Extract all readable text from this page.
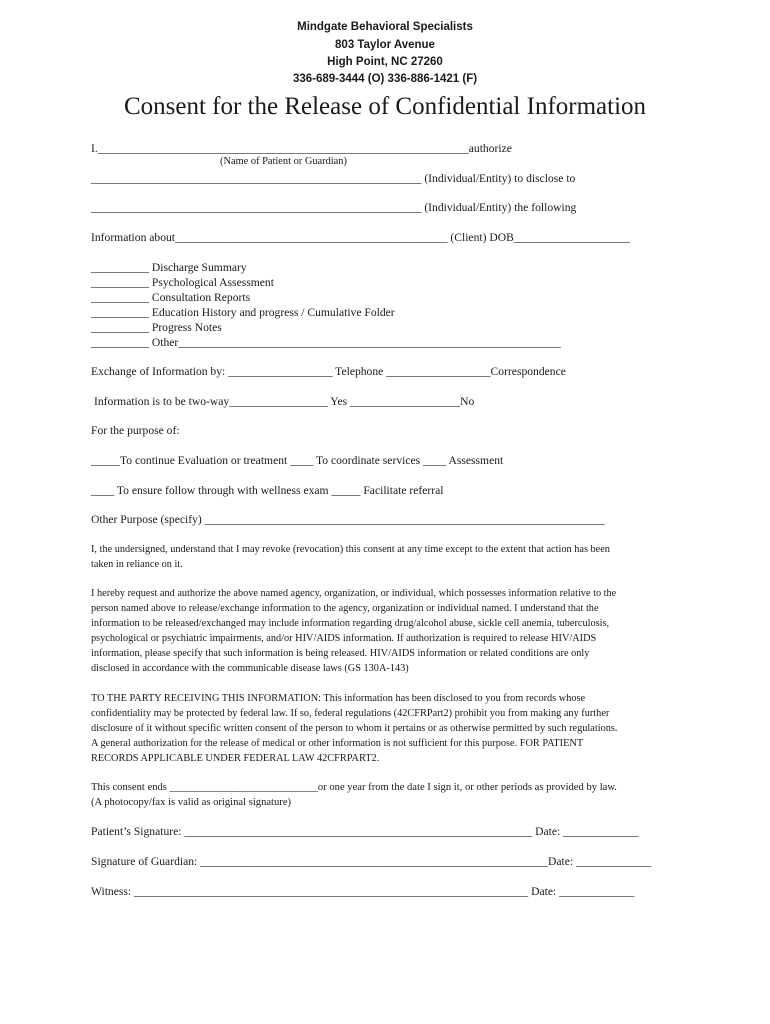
Mindgate Behavioral Specialists
803 Taylor Avenue
High Point, NC 27260
336-689-3444 (O) 336-886-1421 (F)
Consent for the Release of Confidential Information
I.________________________________________________________________authorize
(Name of Patient or Guardian)
_________________________________________________________ (Individual/Entity) to disclose to
_________________________________________________________ (Individual/Entity) the following
Information about_______________________________________________ (Client) DOB____________________
__________ Discharge Summary
__________ Psychological Assessment
__________ Consultation Reports
__________ Education History and progress / Cumulative Folder
__________ Progress Notes
__________ Other__________________________________________________________________
Exchange of Information by: __________________ Telephone __________________Correspondence
Information is to be two-way_________________ Yes ___________________No
For the purpose of:
_____To continue Evaluation or treatment ____ To coordinate services ____ Assessment
____ To ensure follow through with wellness exam _____ Facilitate referral
Other Purpose (specify) _____________________________________________________________________
I, the undersigned, understand that I may revoke (revocation) this consent at any time except to the extent that action has been
taken in reliance on it.
I hereby request and authorize the above named agency, organization, or individual, which possesses information relative to the
person named above to release/exchange information to the agency, organization or individual named. I understand that the
information to be released/exchanged may include information regarding drug/alcohol abuse, sickle cell anemia, tuberculosis,
psychological or psychiatric impairments, and/or HIV/AIDS information. If authorization is required to release HIV/AIDS
information, please specify that such information is being released. HIV/AIDS information or related conditions are only
disclosed in accordance with the communicable disease laws (GS 130A-143)
TO THE PARTY RECEIVING THIS INFORMATION: This information has been disclosed to you from records whose
confidentiality may be protected by federal law. If so, federal regulations (42CFRPart2) prohibit you from making any further
disclosure of it without specific written consent of the person to whom it pertains or as otherwise permitted by such regulations.
A general authorization for the release of medical or other information is not sufficient for this purpose. FOR PATIENT
RECORDS APPLICABLE UNDER FEDERAL LAW 42CFRPART2.
This consent ends ____________________________or one year from the date I sign it, or other periods as provided by law.
(A photocopy/fax is valid as original signature)
Patient’s Signature: ____________________________________________________________ Date: _____________
Signature of Guardian: ____________________________________________________________Date: _____________
Witness: ____________________________________________________________________ Date: _____________
